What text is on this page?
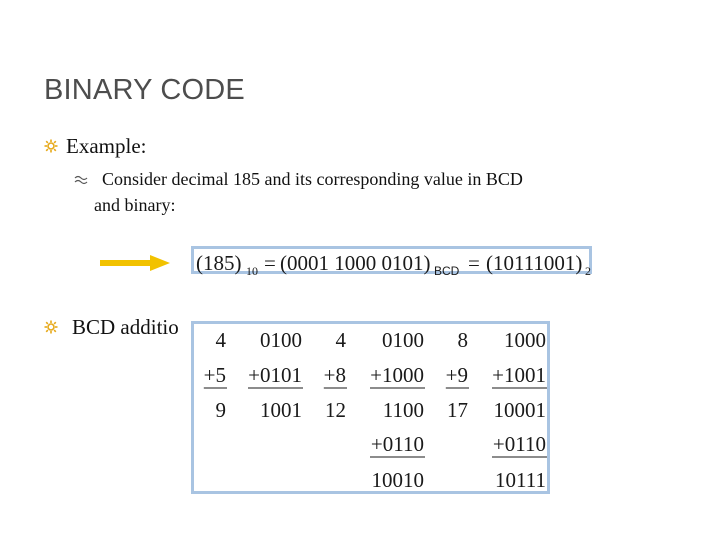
BINARY CODE
Example:
Consider decimal 185 and its corresponding value in BCD
and binary:
(185) 10 = (0001 1000 0101) BCD = (10111001) 2
BCD additio
4 0100 4 0100 8 1000
+5 +0101 +8 +1000 +9 +1001
9 1001 12 1100 17 10001
+0110	+0110
10010	10111
